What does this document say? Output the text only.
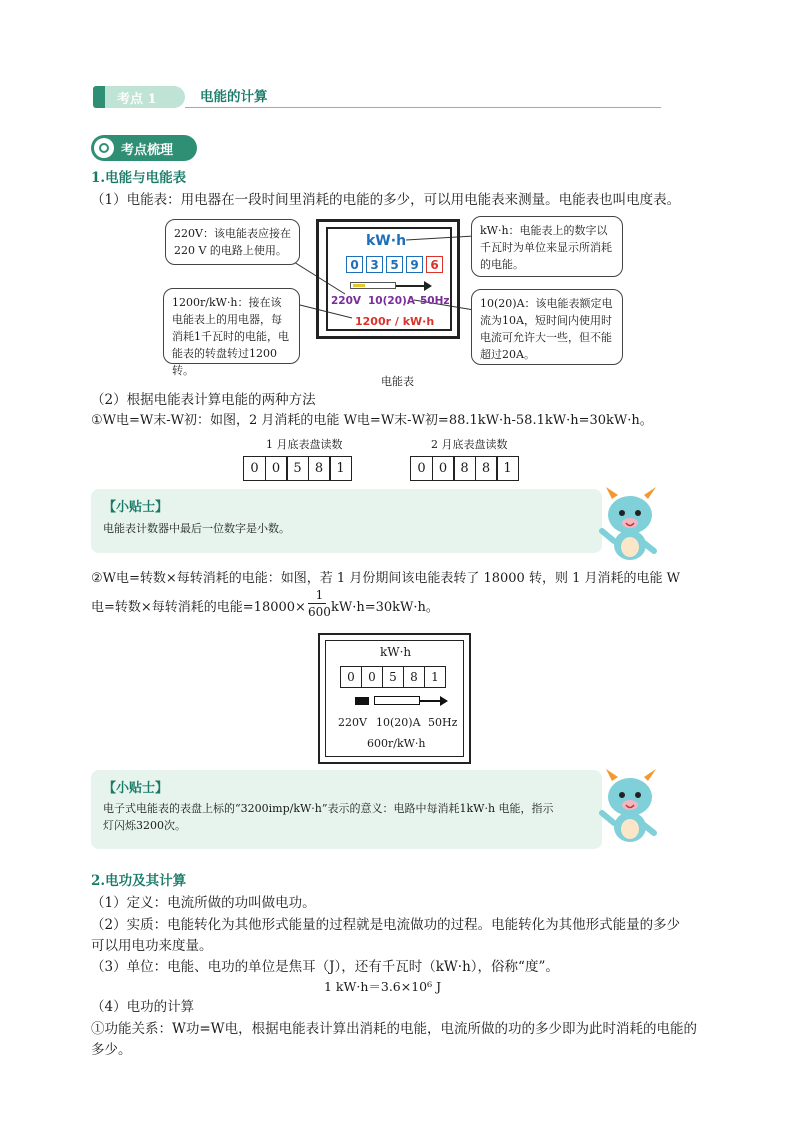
考点 1	电能的计算
考点梳理
1.电能与电能表
（1）电能表：用电器在一段时间里消耗的电能的多少，可以用电能表来测量。电能表也叫电度表。
kW·h
0 3 5 9 6
220V 10(20)A 50Hz
1200r / kW·h
220V：该电能表应接在220 V 的电路上使用。
kW·h：电能表上的数字以千瓦时为单位来显示所消耗的电能。
1200r/kW·h：接在该电能表上的用电器，每消耗1千瓦时的电能，电能表的转盘转过1200转。
10(20)A：该电能表额定电流为10A，短时间内使用时电流可允许大一些，但不能超过20A。
电能表
（2）根据电能表计算电能的两种方法
①W电=W末-W初：如图，2 月消耗的电能 W电=W末-W初=88.1kW·h-58.1kW·h=30kW·h。
1 月底表盘读数	2 月底表盘读数
0	0	5	8	1	0	0	8	8	1
【小贴士】
电能表计数器中最后一位数字是小数。
②W电=转数×每转消耗的电能：如图，若 1 月份期间该电能表转了 18000 转，则 1 月消耗的电能 W
电=转数×每转消耗的电能=18000×
1
600 kW·h=30kW·h。
kW·h
0	0	5	8	1
220V 10(20)A 50Hz
600r/kW·h
【小贴士】
电子式电能表的表盘上标的“3200imp/kW·h”表示的意义：电路中每消耗1kW·h 电能，指示
灯闪烁3200次。
2.电功及其计算
（1）定义：电流所做的功叫做电功。
（2）实质：电能转化为其他形式能量的过程就是电流做功的过程。电能转化为其他形式能量的多少
可以用电功来度量。
（3）单位：电能、电功的单位是焦耳（J），还有千瓦时（kW·h），俗称“度”。
1 kW·h＝3.6×10⁶ J
（4）电功的计算
①功能关系：W功=W电，根据电能表计算出消耗的电能，电流所做的功的多少即为此时消耗的电能的
多少。
